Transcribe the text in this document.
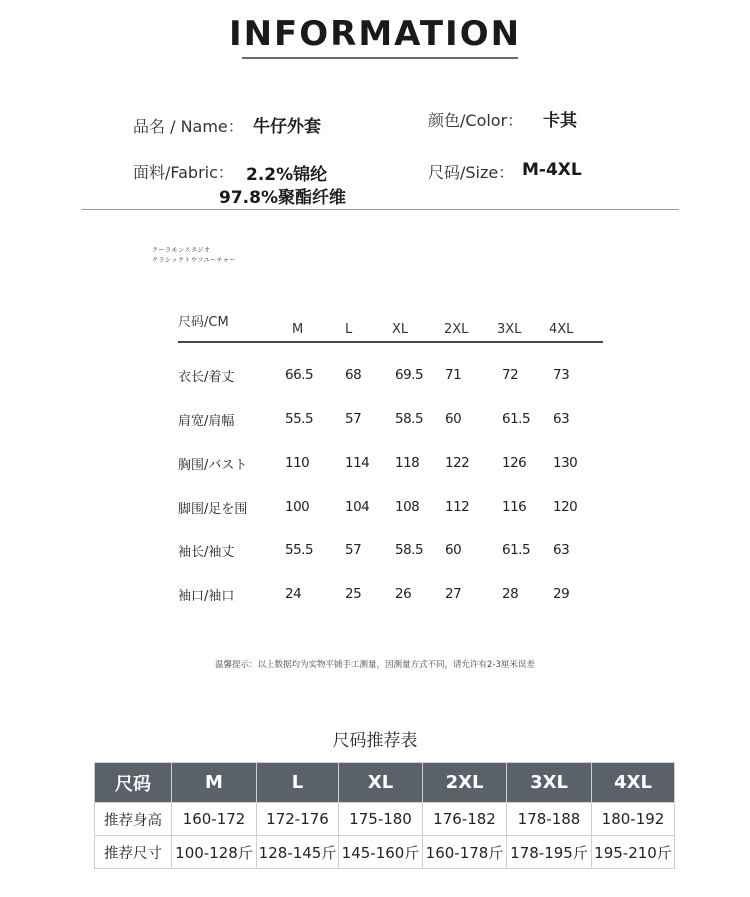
INFORMATION
品名 / Name： 牛仔外套	颜色/Color： 卡其
面料/Fabric： 2.2%锦纶
97.8%聚酯纤维
尺码/Size： M-4XL
クーラモンスタジオ
クラシックトウフユーチャー
尺码/CM	M	L	XL	2XL 3XL 4XL
衣长/着丈	66.5 68	69.5 71	72	73
肩宽/肩幅	55.5 57	58.5 60	61.5 63
胸围/バスト	110	114 118 122 126 130
脚围/足を围	100	104 108 112 116 120
袖长/袖丈	55.5 57	58.5 60	61.5 63
袖口/袖口	24	25	26	27	28	29
温馨提示：以上数据均为实物平铺手工测量，因测量方式不同，请允许有2-3厘米误差
尺码推荐表
尺码	M	L	XL	2XL	3XL	4XL
推荐身高	160-172	172-176	175-180	176-182	178-188	180-192
推荐尺寸	100-128斤	128-145斤	145-160斤	160-178斤	178-195斤	195-210斤
